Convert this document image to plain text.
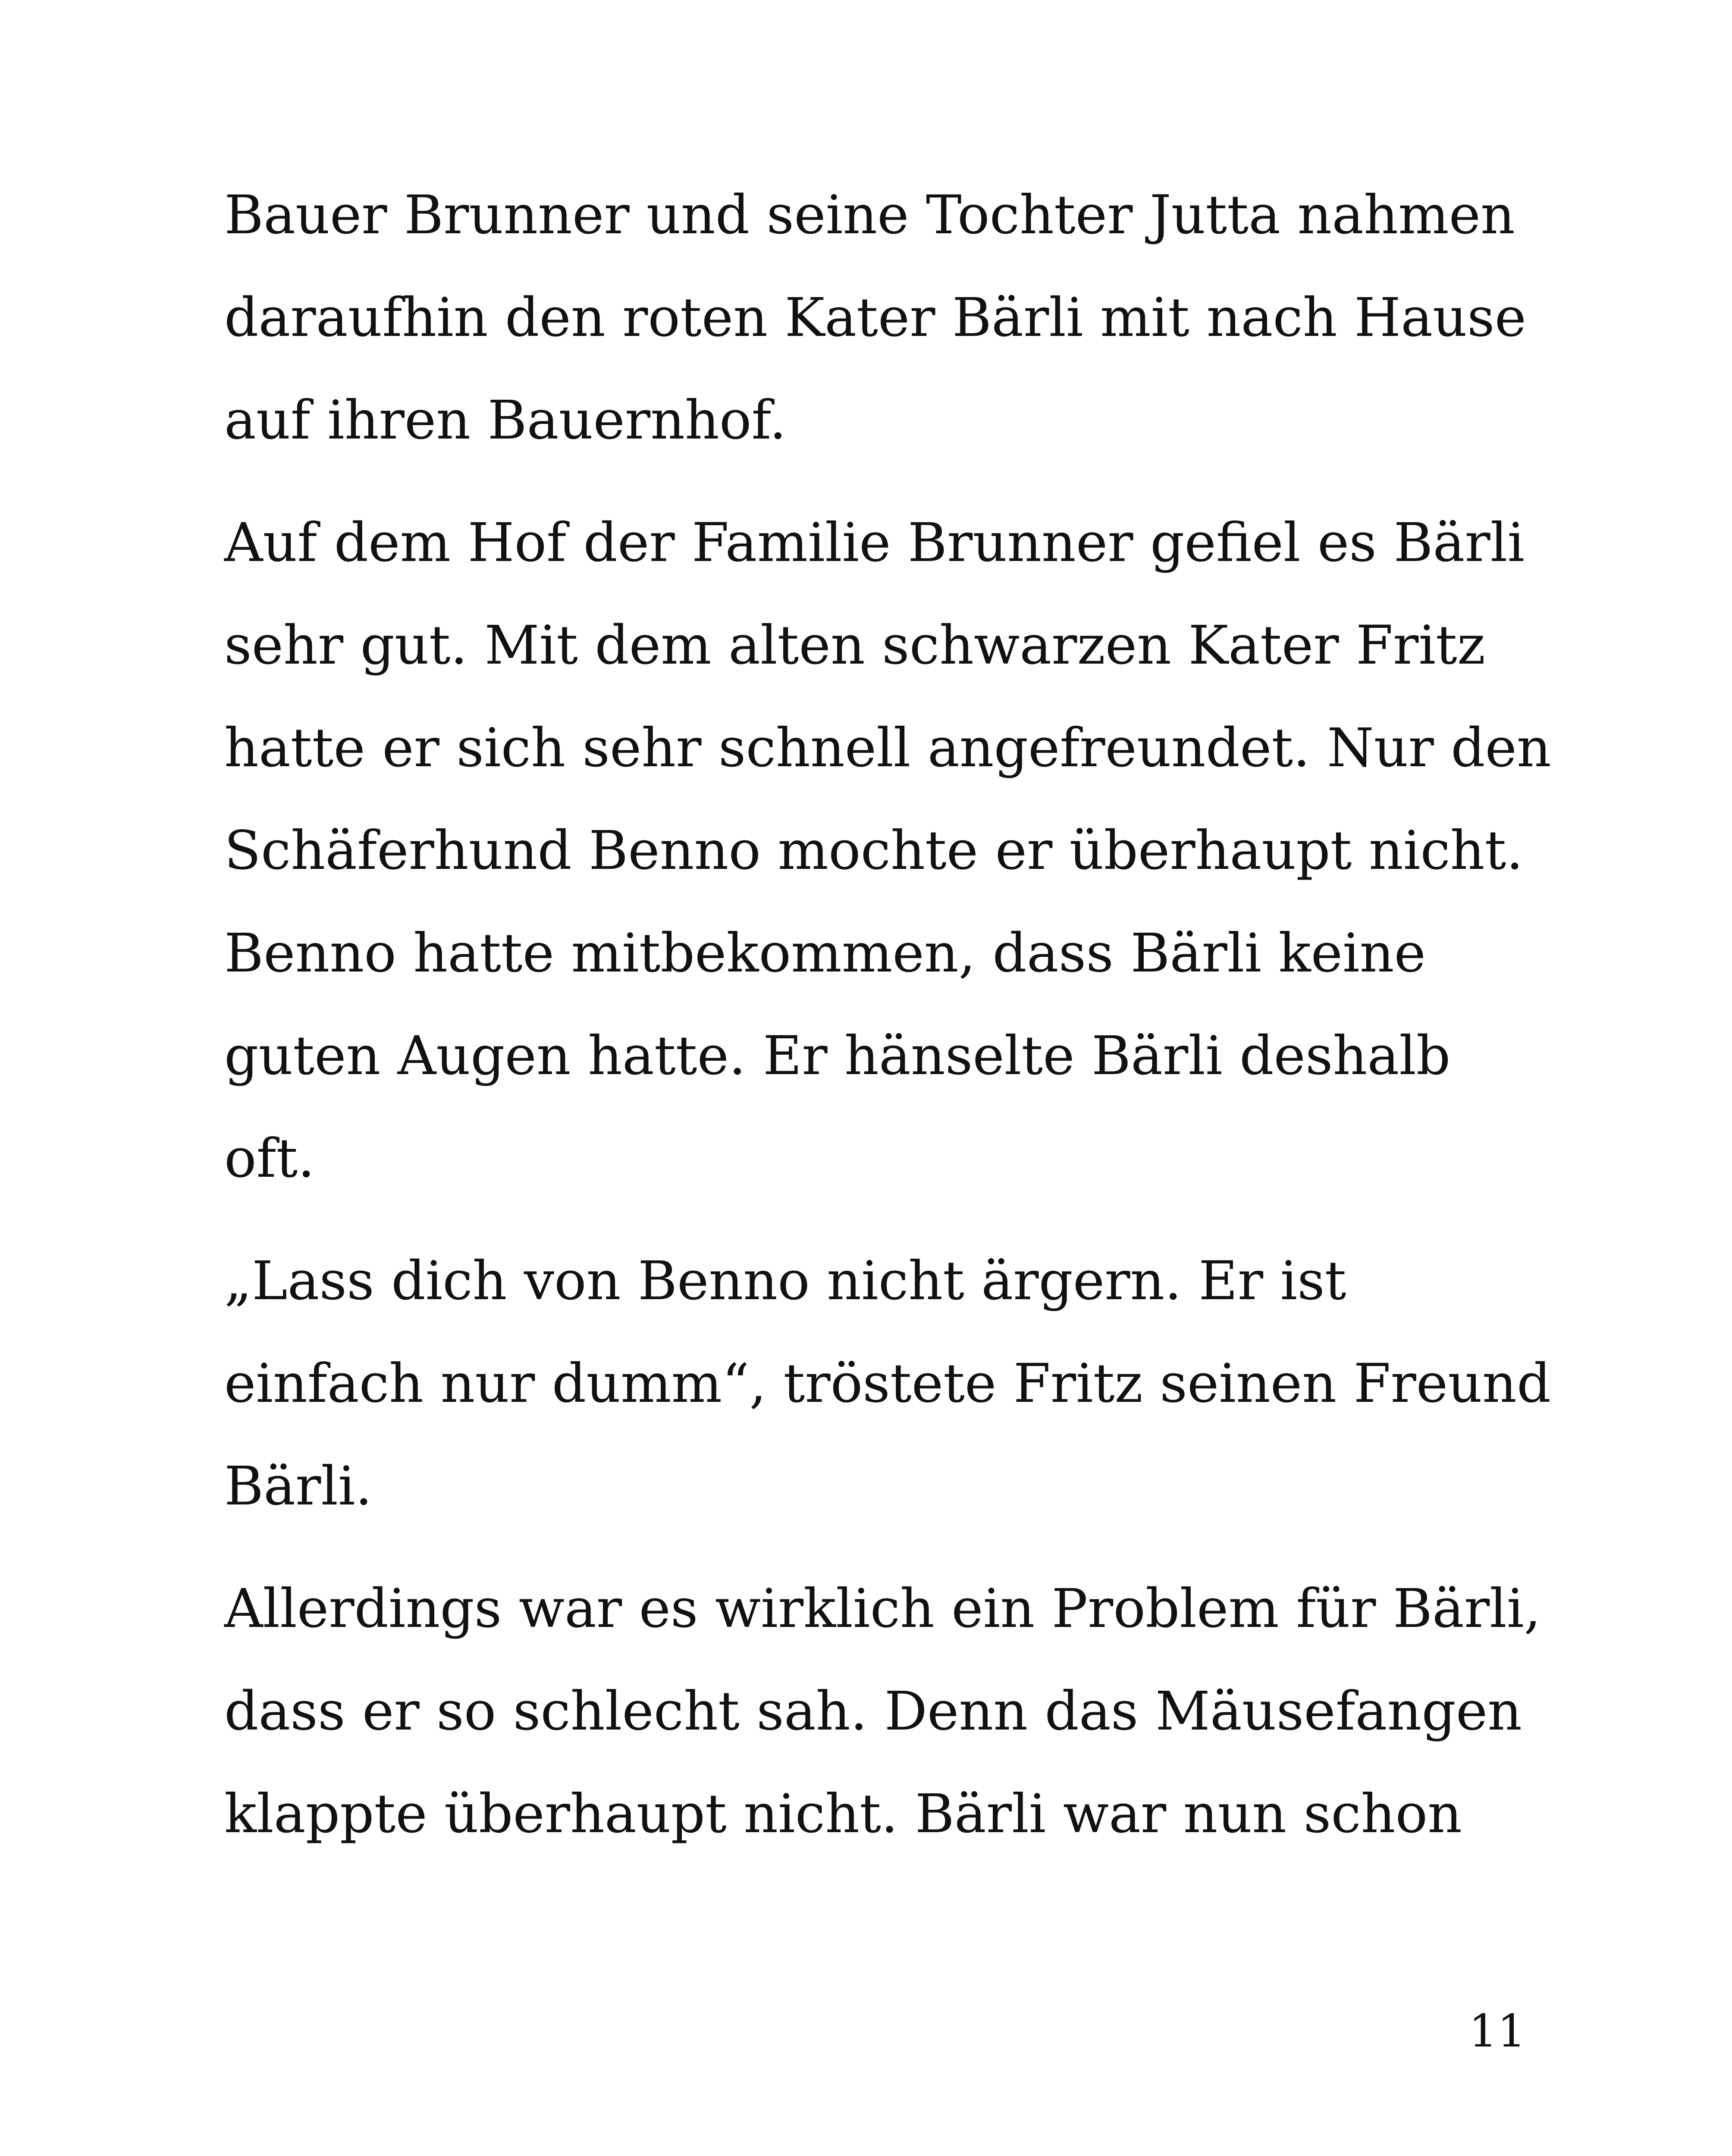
Bauer Brunner und seine Tochter Jutta nahmen
daraufhin den roten Kater Bärli mit nach Hause
auf ihren Bauernhof.

Auf dem Hof der Familie Brunner gefiel es Bärli
sehr gut. Mit dem alten schwarzen Kater Fritz
hatte er sich sehr schnell angefreundet. Nur den
Schäferhund Benno mochte er überhaupt nicht.
Benno hatte mitbekommen, dass Bärli keine
guten Augen hatte. Er hänselte Bärli deshalb
oft.

„Lass dich von Benno nicht ärgern. Er ist
einfach nur dumm“, tröstete Fritz seinen Freund
Bärli.

Allerdings war es wirklich ein Problem für Bärli,
dass er so schlecht sah. Denn das Mäusefangen
klappte überhaupt nicht. Bärli war nun schon

11
